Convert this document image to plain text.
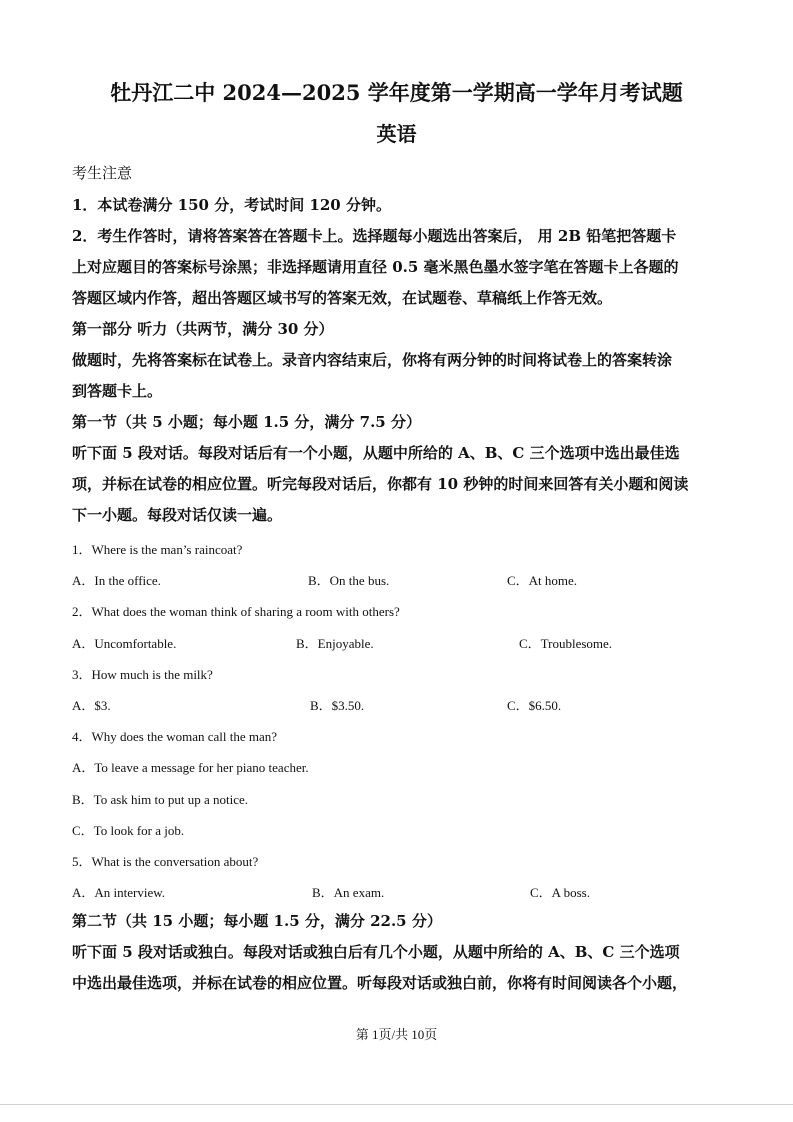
牡丹江二中 2024—2025 学年度第一学期高一学年月考试题
英语
考生注意
1．本试卷满分 150 分，考试时间 120 分钟。
2．考生作答时，请将答案答在答题卡上。选择题每小题选出答案后， 用 2B 铅笔把答题卡
上对应题目的答案标号涂黑；非选择题请用直径 0.5 毫米黑色墨水签字笔在答题卡上各题的
答题区域内作答，超出答题区域书写的答案无效，在试题卷、草稿纸上作答无效。
第一部分 听力（共两节，满分 30 分）
做题时，先将答案标在试卷上。录音内容结束后，你将有两分钟的时间将试卷上的答案转涂
到答题卡上。
第一节（共 5 小题；每小题 1.5 分，满分 7.5 分）
听下面 5 段对话。每段对话后有一个小题，从题中所给的 A、B、C 三个选项中选出最佳选
项，并标在试卷的相应位置。听完每段对话后，你都有 10 秒钟的时间来回答有关小题和阅读
下一小题。每段对话仅读一遍。
1．Where is the man’s raincoat?
A．In the office.	B．On the bus.	C．At home.
2．What does the woman think of sharing a room with others?
A．Uncomfortable.	B．Enjoyable.	C．Troublesome.
3．How much is the milk?
A．$3.	B．$3.50.	C．$6.50.
4．Why does the woman call the man?
A．To leave a message for her piano teacher.
B．To ask him to put up a notice.
C．To look for a job.
5．What is the conversation about?
A．An interview.	B．An exam.	C．A boss.
第二节（共 15 小题；每小题 1.5 分，满分 22.5 分）
听下面 5 段对话或独白。每段对话或独白后有几个小题，从题中所给的 A、B、C 三个选项
中选出最佳选项，并标在试卷的相应位置。听每段对话或独白前，你将有时间阅读各个小题，
第 1页/共 10页
